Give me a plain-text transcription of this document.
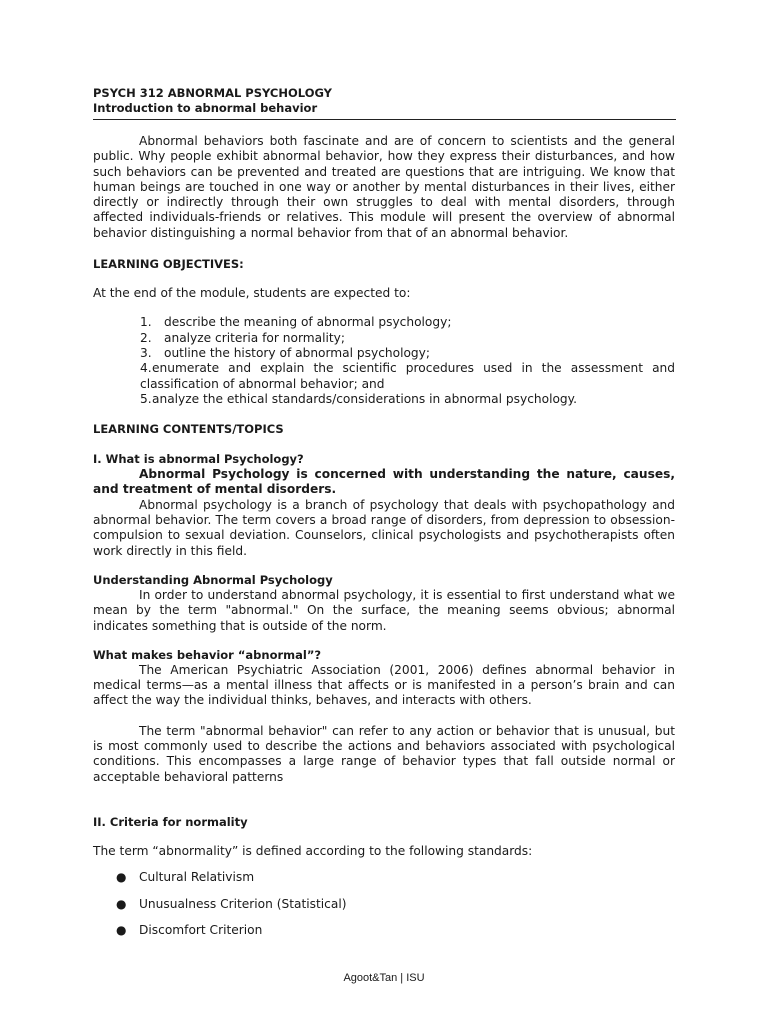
PSYCH 312 ABNORMAL PSYCHOLOGY

Introduction to abnormal behavior

Abnormal behaviors both fascinate and are of concern to scientists and the general public. Why people exhibit abnormal behavior, how they express their disturbances, and how such behaviors can be prevented and treated are questions that are intriguing. We know that human beings are touched in one way or another by mental disturbances in their lives, either directly or indirectly through their own struggles to deal with mental disorders, through affected individuals-friends or relatives. This module will present the overview of abnormal behavior distinguishing a normal behavior from that of an abnormal behavior.

LEARNING OBJECTIVES:

At the end of the module, students are expected to:

1. describe the meaning of abnormal psychology;
2. analyze criteria for normality;
3. outline the history of abnormal psychology;
4.enumerate and explain the scientific procedures used in the assessment and classification of abnormal behavior; and
5.analyze the ethical standards/considerations in abnormal psychology.

LEARNING CONTENTS/TOPICS

I. What is abnormal Psychology?

Abnormal Psychology is concerned with understanding the nature, causes, and treatment of mental disorders.

Abnormal psychology is a branch of psychology that deals with psychopathology and abnormal behavior. The term covers a broad range of disorders, from depression to obsession-compulsion to sexual deviation. Counselors, clinical psychologists and psychotherapists often work directly in this field.

Understanding Abnormal Psychology

In order to understand abnormal psychology, it is essential to first understand what we mean by the term "abnormal." On the surface, the meaning seems obvious; abnormal indicates something that is outside of the norm.

What makes behavior “abnormal”?

The American Psychiatric Association (2001, 2006) defines abnormal behavior in medical terms—as a mental illness that affects or is manifested in a person’s brain and can affect the way the individual thinks, behaves, and interacts with others.

The term "abnormal behavior" can refer to any action or behavior that is unusual, but is most commonly used to describe the actions and behaviors associated with psychological conditions. This encompasses a large range of behavior types that fall outside normal or acceptable behavioral patterns

II. Criteria for normality

The term “abnormality” is defined according to the following standards:

● Cultural Relativism
● Unusualness Criterion (Statistical)
● Discomfort Criterion
Agoot&Tan | ISU
